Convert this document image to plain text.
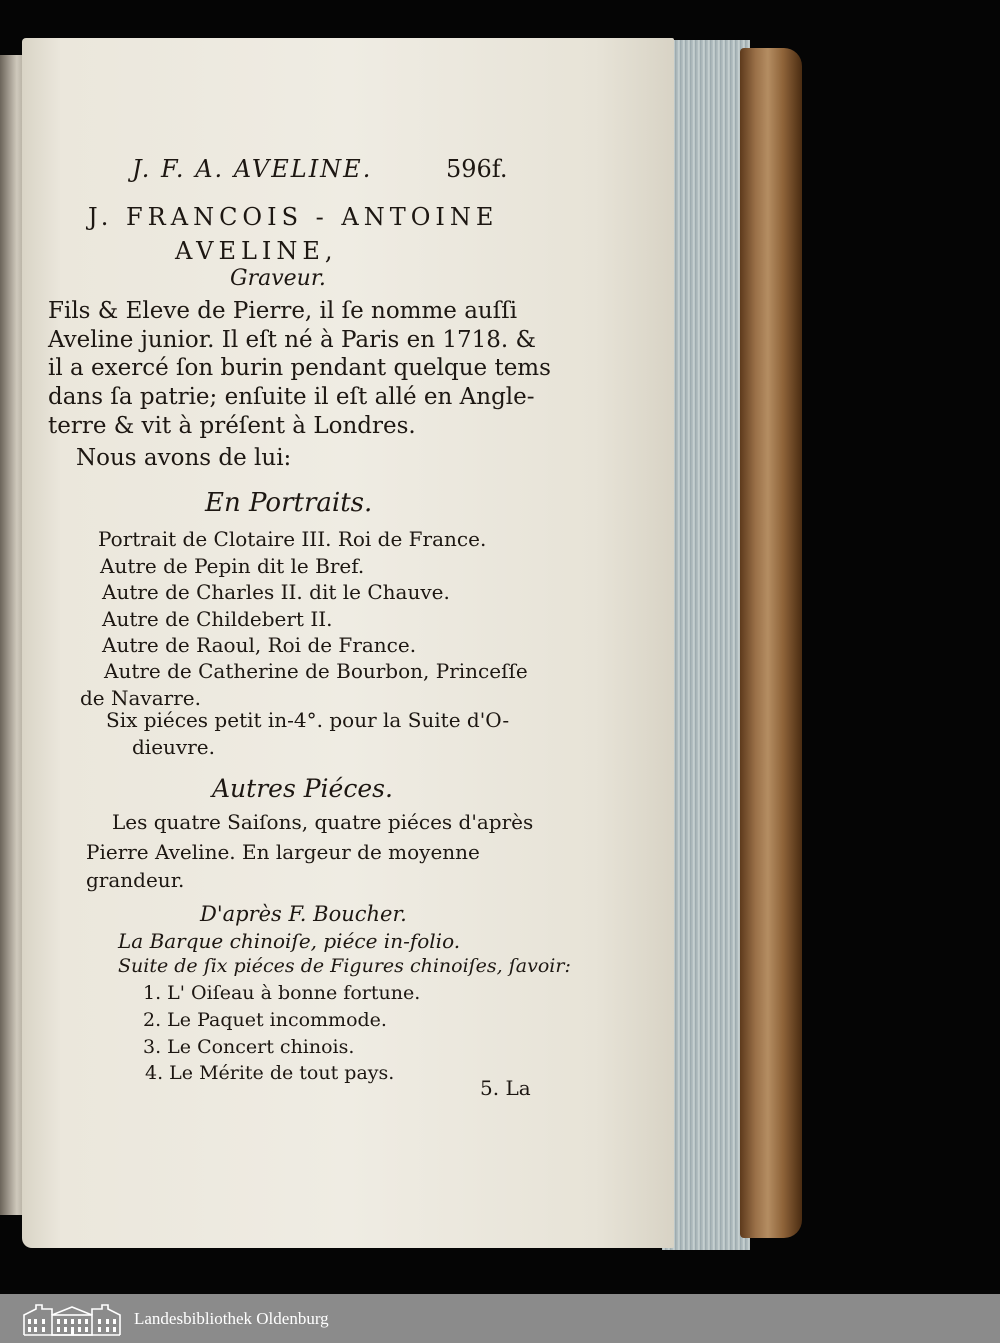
J. F. A. AVELINE.	596f.
J. FRANCOIS - ANTOINE
AVELINE,
Graveur.
Fils & Eleve de Pierre, il ſe nomme auſſi
Aveline junior. Il eſt né à Paris en 1718. &
il a exercé ſon burin pendant quelque tems
dans ſa patrie; enſuite il eſt allé en Angle-
terre & vit à préſent à Londres.
Nous avons de lui:
En Portraits.
Portrait de Clotaire III. Roi de France.
Autre de Pepin dit le Bref.
Autre de Charles II. dit le Chauve.
Autre de Childebert II.
Autre de Raoul, Roi de France.
Autre de Catherine de Bourbon, Princeſſe
de Navarre.
Six piéces petit in-4°. pour la Suite d'O-
dieuvre.
Autres Piéces.
Les quatre Saiſons, quatre piéces d'après
Pierre Aveline. En largeur de moyenne
grandeur.
D'après F. Boucher.
La Barque chinoiſe, piéce in-folio.
Suite de ſix piéces de Figures chinoiſes, ſavoir:
1. L' Oiſeau à bonne fortune.
2. Le Paquet incommode.
3. Le Concert chinois.
4. Le Mérite de tout pays.
5. La
Landesbibliothek Oldenburg
